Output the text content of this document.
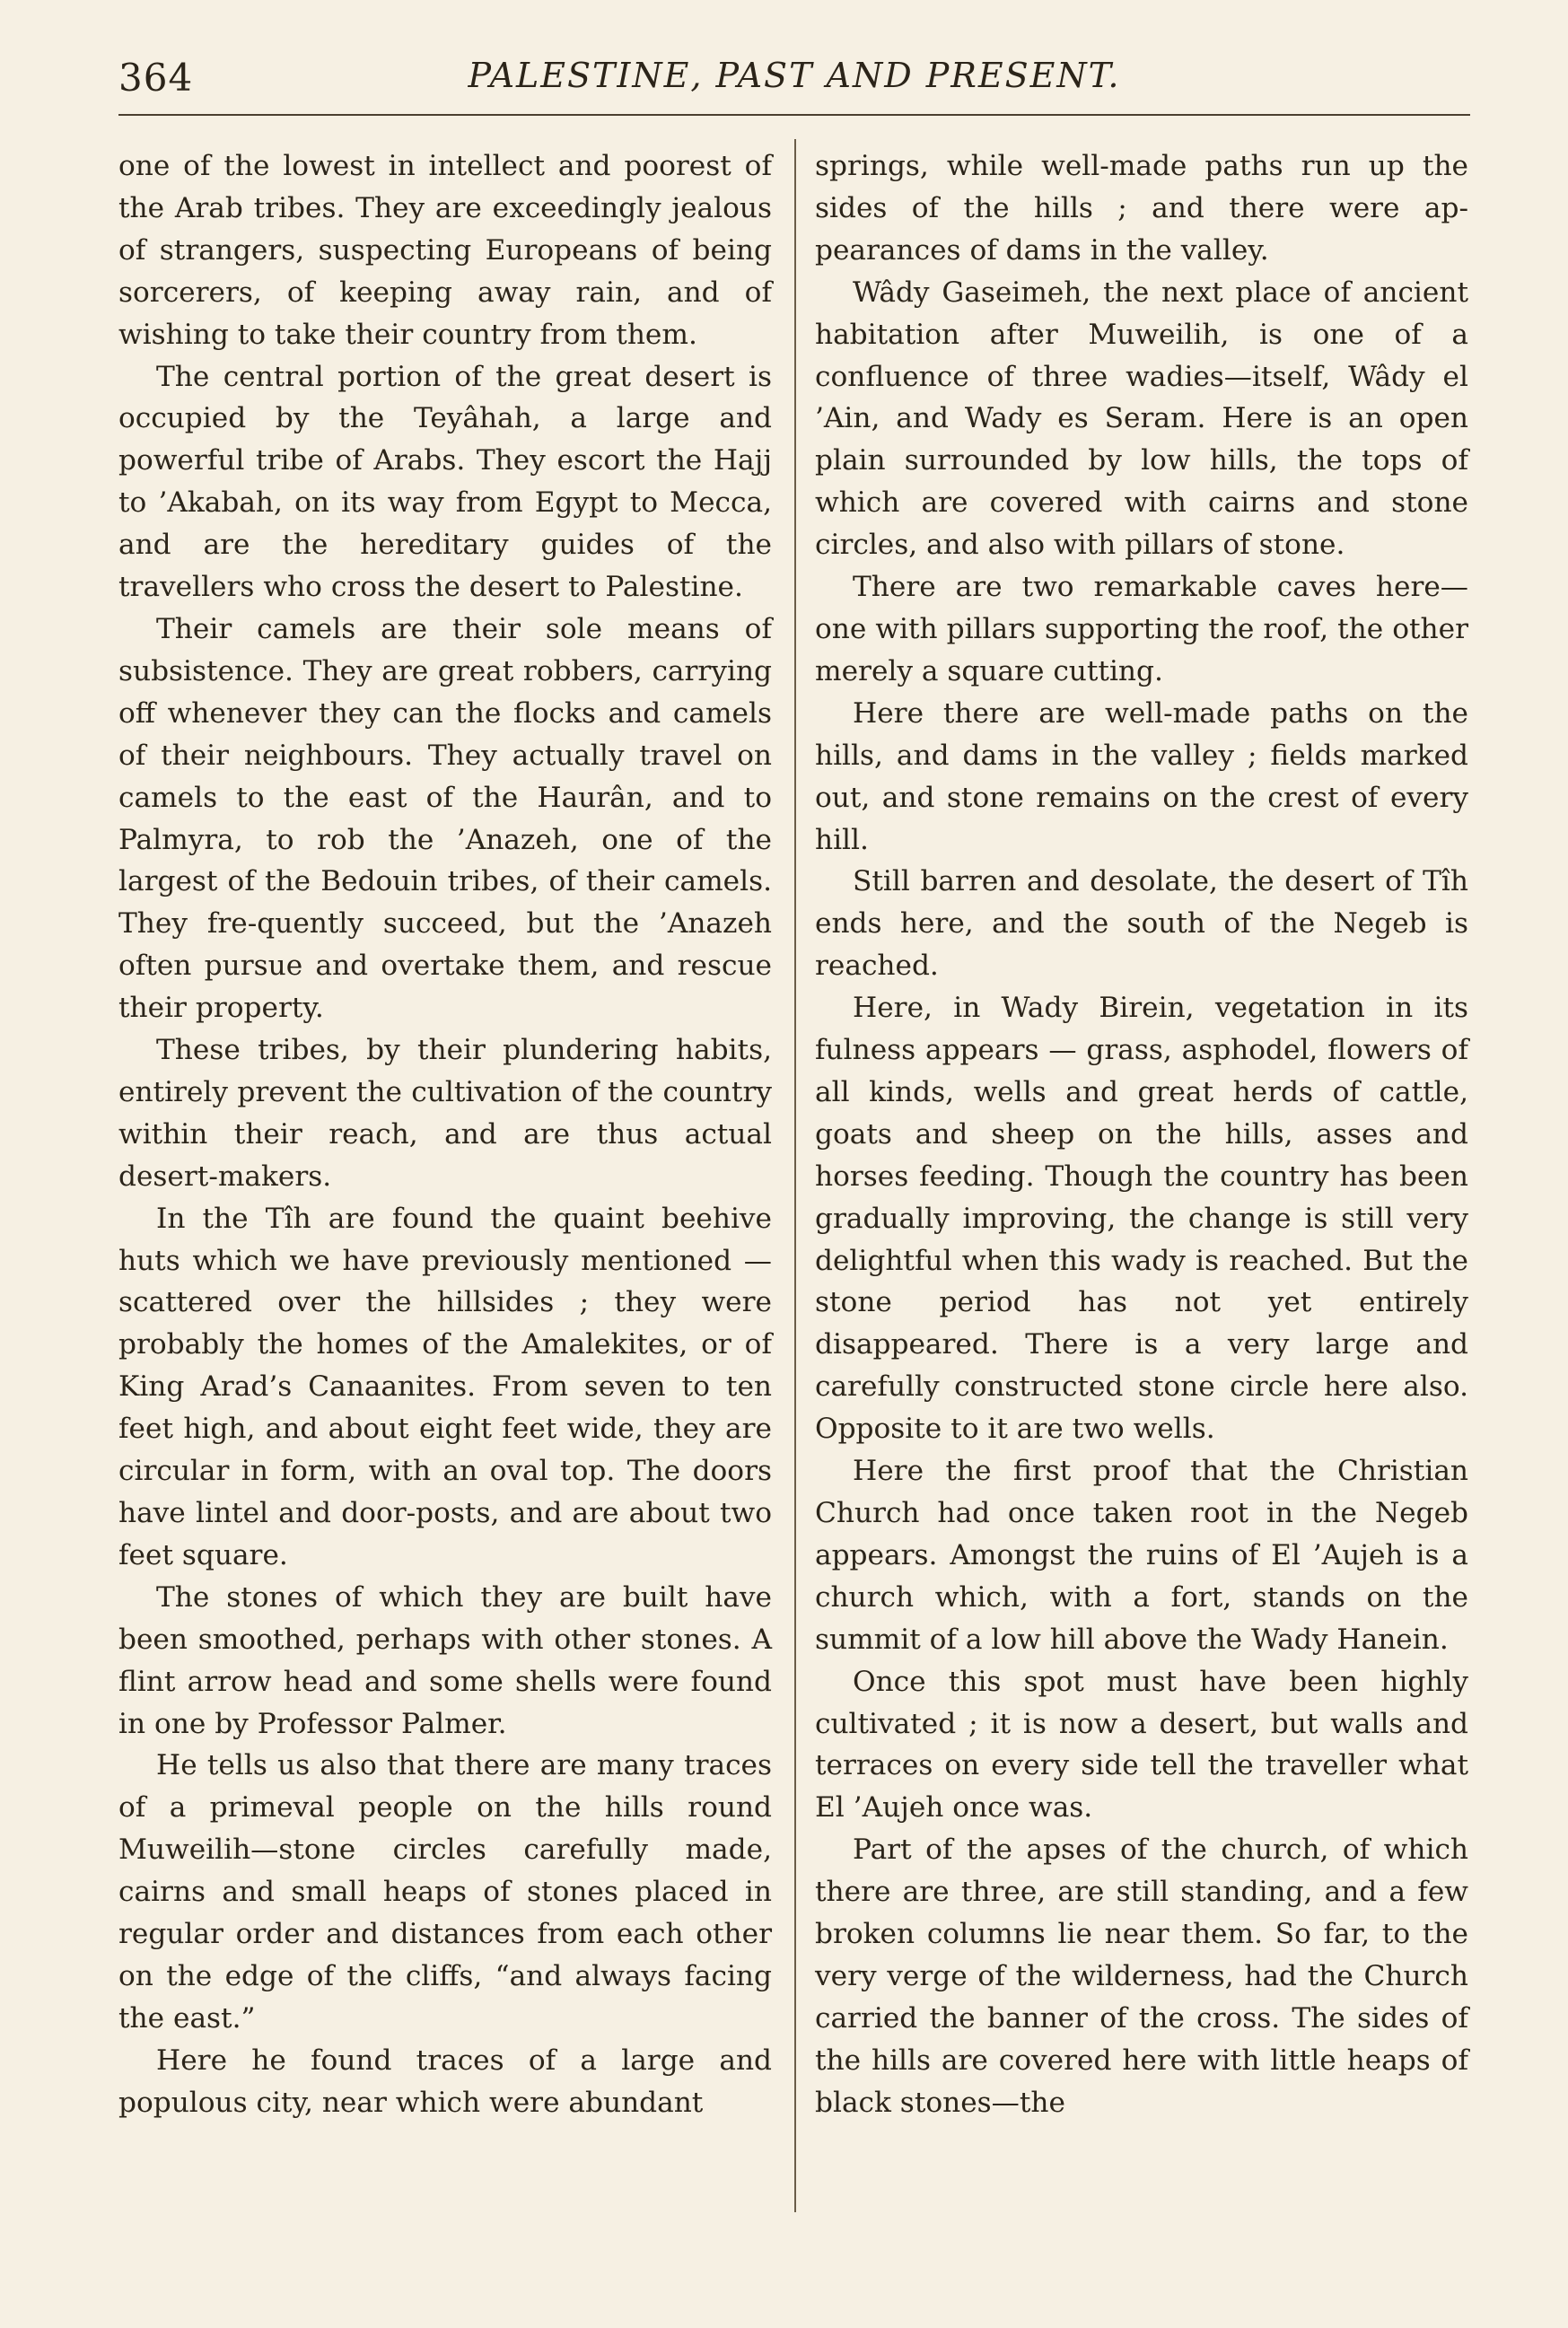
364	PALESTINE, PAST AND PRESENT.

one of the lowest in intellect and poorest of the Arab tribes. They are exceedingly jealous of strangers, suspecting Europeans of being sorcerers, of keeping away rain, and of wishing to take their country from them.

The central portion of the great desert is occupied by the Teyâhah, a large and powerful tribe of Arabs. They escort the Hajj to ’Akabah, on its way from Egypt to Mecca, and are the hereditary guides of the travellers who cross the desert to Palestine.

Their camels are their sole means of subsistence. They are great robbers, carrying off whenever they can the flocks and camels of their neighbours. They actually travel on camels to the east of the Haurân, and to Palmyra, to rob the ’Anazeh, one of the largest of the Bedouin tribes, of their camels. They fre-quently succeed, but the ’Anazeh often pursue and overtake them, and rescue their property.

These tribes, by their plundering habits, entirely prevent the cultivation of the country within their reach, and are thus actual desert-makers.

In the Tîh are found the quaint beehive huts which we have previously mentioned —scattered over the hillsides ; they were probably the homes of the Amalekites, or of King Arad’s Canaanites. From seven to ten feet high, and about eight feet wide, they are circular in form, with an oval top. The doors have lintel and door-posts, and are about two feet square.

The stones of which they are built have been smoothed, perhaps with other stones. A flint arrow head and some shells were found in one by Professor Palmer.

He tells us also that there are many traces of a primeval people on the hills round Muweilih—stone circles carefully made, cairns and small heaps of stones placed in regular order and distances from each other on the edge of the cliffs, “and always facing the east.”

Here he found traces of a large and populous city, near which were abundant

springs, while well-made paths run up the sides of the hills ; and there were ap-pearances of dams in the valley.

Wâdy Gaseimeh, the next place of ancient habitation after Muweilih, is one of a confluence of three wadies—itself, Wâdy el ’Ain, and Wady es Seram. Here is an open plain surrounded by low hills, the tops of which are covered with cairns and stone circles, and also with pillars of stone.

There are two remarkable caves here— one with pillars supporting the roof, the other merely a square cutting.

Here there are well-made paths on the hills, and dams in the valley ; fields marked out, and stone remains on the crest of every hill.

Still barren and desolate, the desert of Tîh ends here, and the south of the Negeb is reached.

Here, in Wady Birein, vegetation in its fulness appears — grass, asphodel, flowers of all kinds, wells and great herds of cattle, goats and sheep on the hills, asses and horses feeding. Though the country has been gradually improving, the change is still very delightful when this wady is reached. But the stone period has not yet entirely disappeared. There is a very large and carefully constructed stone circle here also. Opposite to it are two wells.

Here the first proof that the Christian Church had once taken root in the Negeb appears. Amongst the ruins of El ’Aujeh is a church which, with a fort, stands on the summit of a low hill above the Wady Hanein.

Once this spot must have been highly cultivated ; it is now a desert, but walls and terraces on every side tell the traveller what El ’Aujeh once was.

Part of the apses of the church, of which there are three, are still standing, and a few broken columns lie near them. So far, to the very verge of the wilderness, had the Church carried the banner of the cross. The sides of the hills are covered here with little heaps of black stones—the
